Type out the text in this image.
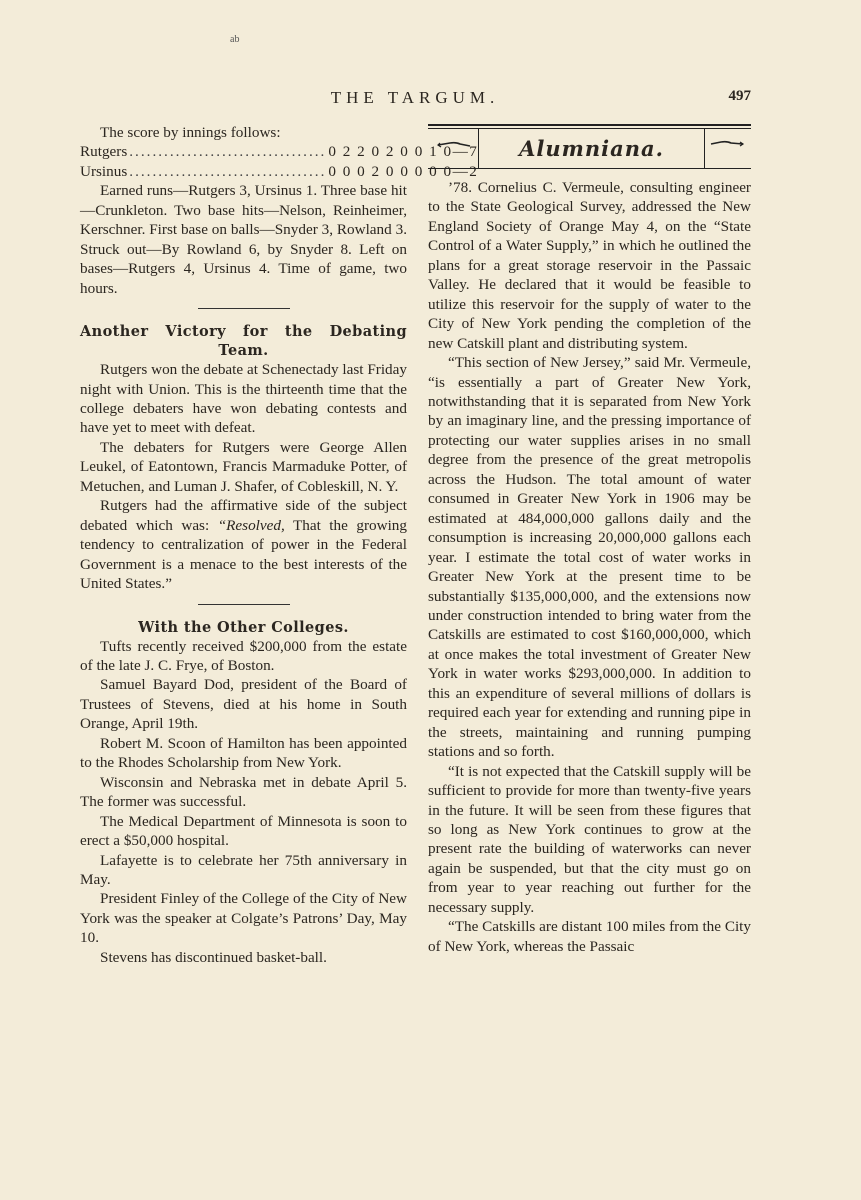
ab
THE TARGUM.	497

The score by innings follows:

Rutgers .................................. 0 2 2 0 2 0 0 1 0—7
Ursinus .................................. 0 0 0 2 0 0 0 0 0—2

Earned runs—Rutgers 3, Ursinus 1. Three base hit—Crunkleton. Two base hits—Nelson, Reinheimer, Kerschner. First base on balls—Snyder 3, Rowland 3. Struck out—By Rowland 6, by Snyder 8. Left on bases—Rutgers 4, Ursinus 4. Time of game, two hours.

Another Victory for the Debating Team.

Rutgers won the debate at Schenectady last Friday night with Union. This is the thirteenth time that the college debaters have won debating contests and have yet to meet with defeat.

The debaters for Rutgers were George Allen Leukel, of Eatontown, Francis Marmaduke Potter, of Metuchen, and Luman J. Shafer, of Cobleskill, N. Y.

Rutgers had the affirmative side of the subject debated which was: “Resolved, That the growing tendency to centralization of power in the Federal Government is a menace to the best interests of the United States.”

With the Other Colleges.

Tufts recently received $200,000 from the estate of the late J. C. Frye, of Boston.

Samuel Bayard Dod, president of the Board of Trustees of Stevens, died at his home in South Orange, April 19th.

Robert M. Scoon of Hamilton has been appointed to the Rhodes Scholarship from New York.

Wisconsin and Nebraska met in debate April 5. The former was successful.

The Medical Department of Minnesota is soon to erect a $50,000 hospital.

Lafayette is to celebrate her 75th anniversary in May.

President Finley of the College of the City of New York was the speaker at Colgate’s Patrons’ Day, May 10.

Stevens has discontinued basket-ball.

Alumniana.

’78. Cornelius C. Vermeule, consulting engineer to the State Geological Survey, addressed the New England Society of Orange May 4, on the “State Control of a Water Supply,” in which he outlined the plans for a great storage reservoir in the Passaic Valley. He declared that it would be feasible to utilize this reservoir for the supply of water to the City of New York pending the completion of the new Catskill plant and distributing system.

“This section of New Jersey,” said Mr. Vermeule, “is essentially a part of Greater New York, notwithstanding that it is separated from New York by an imaginary line, and the pressing importance of protecting our water supplies arises in no small degree from the presence of the great metropolis across the Hudson. The total amount of water consumed in Greater New York in 1906 may be estimated at 484,000,000 gallons daily and the consumption is increasing 20,000,000 gallons each year. I estimate the total cost of water works in Greater New York at the present time to be substantially $135,000,000, and the extensions now under construction intended to bring water from the Catskills are estimated to cost $160,000,000, which at once makes the total investment of Greater New York in water works $293,000,000. In addition to this an expenditure of several millions of dollars is required each year for extending and running pipe in the streets, maintaining and running pumping stations and so forth.

“It is not expected that the Catskill supply will be sufficient to provide for more than twenty-five years in the future. It will be seen from these figures that so long as New York continues to grow at the present rate the building of waterworks can never again be suspended, but that the city must go on from year to year reaching out further for the necessary supply.

“The Catskills are distant 100 miles from the City of New York, whereas the Passaic
